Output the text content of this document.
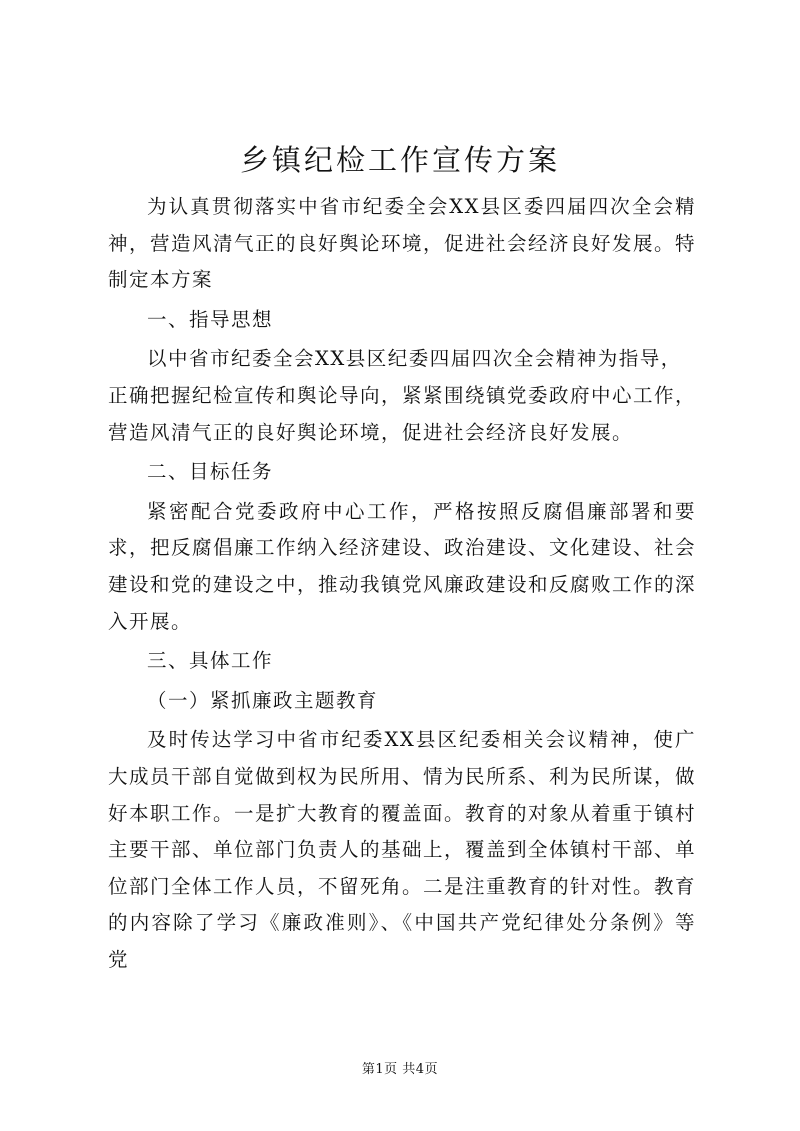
乡镇纪检工作宣传方案

为认真贯彻落实中省市纪委全会XX县区委四届四次全会精神，营造风清气正的良好舆论环境，促进社会经济良好发展。特制定本方案

一、指导思想

以中省市纪委全会XX县区纪委四届四次全会精神为指导，

正确把握纪检宣传和舆论导向，紧紧围绕镇党委政府中心工作，营造风清气正的良好舆论环境，促进社会经济良好发展。

二、目标任务

紧密配合党委政府中心工作，严格按照反腐倡廉部署和要求，把反腐倡廉工作纳入经济建设、政治建设、文化建设、社会建设和党的建设之中，推动我镇党风廉政建设和反腐败工作的深入开展。

三、具体工作

（一）紧抓廉政主题教育

及时传达学习中省市纪委XX县区纪委相关会议精神，使广大成员干部自觉做到权为民所用、情为民所系、利为民所谋，做好本职工作。一是扩大教育的覆盖面。教育的对象从着重于镇村主要干部、单位部门负责人的基础上，覆盖到全体镇村干部、单位部门全体工作人员，不留死角。二是注重教育的针对性。教育的内容除了学习《廉政准则》、《中国共产党纪律处分条例》等党

第1页 共4页
